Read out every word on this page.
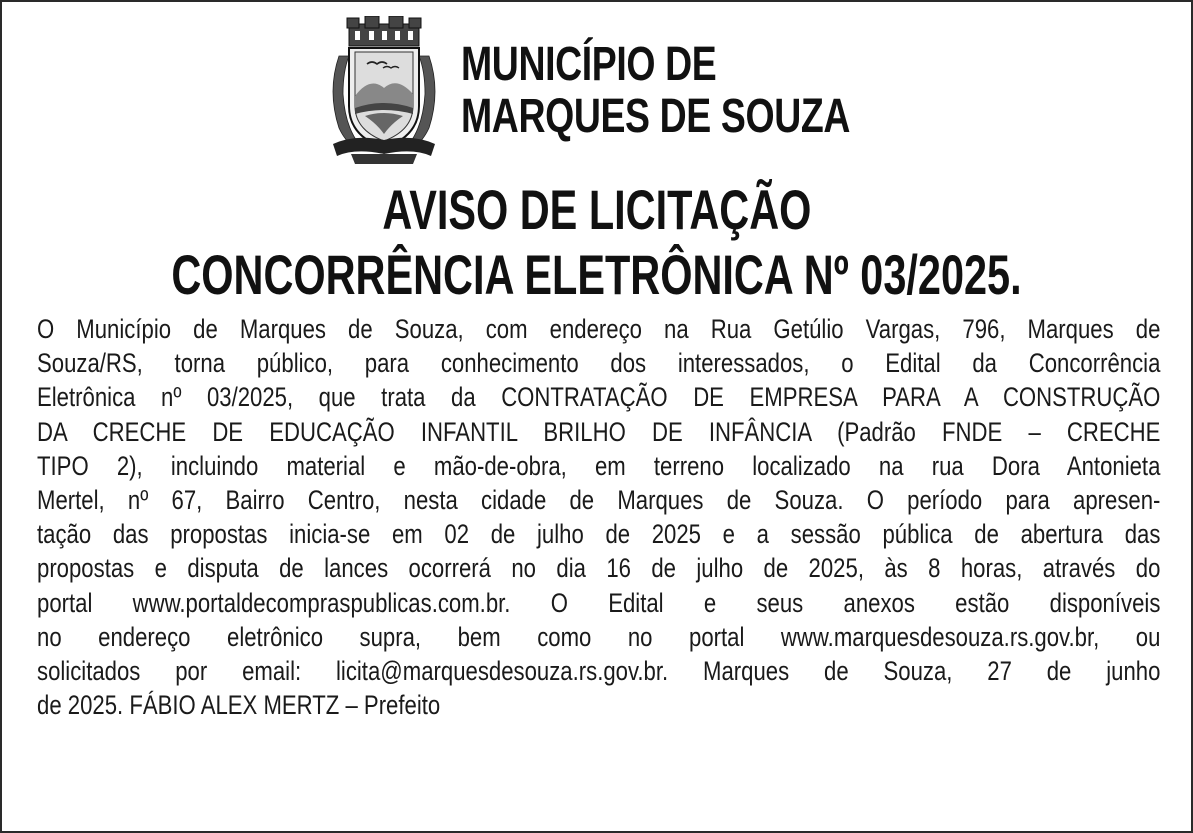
MUNICÍPIO DE
MARQUES DE SOUZA
AVISO DE LICITAÇÃO
CONCORRÊNCIA ELETRÔNICA Nº 03/2025.
O Município de Marques de Souza, com endereço na Rua Getúlio Vargas, 796, Marques de
Souza/RS, torna público, para conhecimento dos interessados, o Edital da Concorrência
Eletrônica nº 03/2025, que trata da CONTRATAÇÃO DE EMPRESA PARA A CONSTRUÇÃO
DA CRECHE DE EDUCAÇÃO INFANTIL BRILHO DE INFÂNCIA (Padrão FNDE – CRECHE
TIPO 2), incluindo material e mão-de-obra, em terreno localizado na rua Dora Antonieta
Mertel, nº 67, Bairro Centro, nesta cidade de Marques de Souza. O período para apresen-
tação das propostas inicia-se em 02 de julho de 2025 e a sessão pública de abertura das
propostas e disputa de lances ocorrerá no dia 16 de julho de 2025, às 8 horas, através do
portal www.portaldecompraspublicas.com.br. O Edital e seus anexos estão disponíveis
no endereço eletrônico supra, bem como no portal www.marquesdesouza.rs.gov.br, ou
solicitados por email: licita@marquesdesouza.rs.gov.br. Marques de Souza, 27 de junho
de 2025. FÁBIO ALEX MERTZ – Prefeito
